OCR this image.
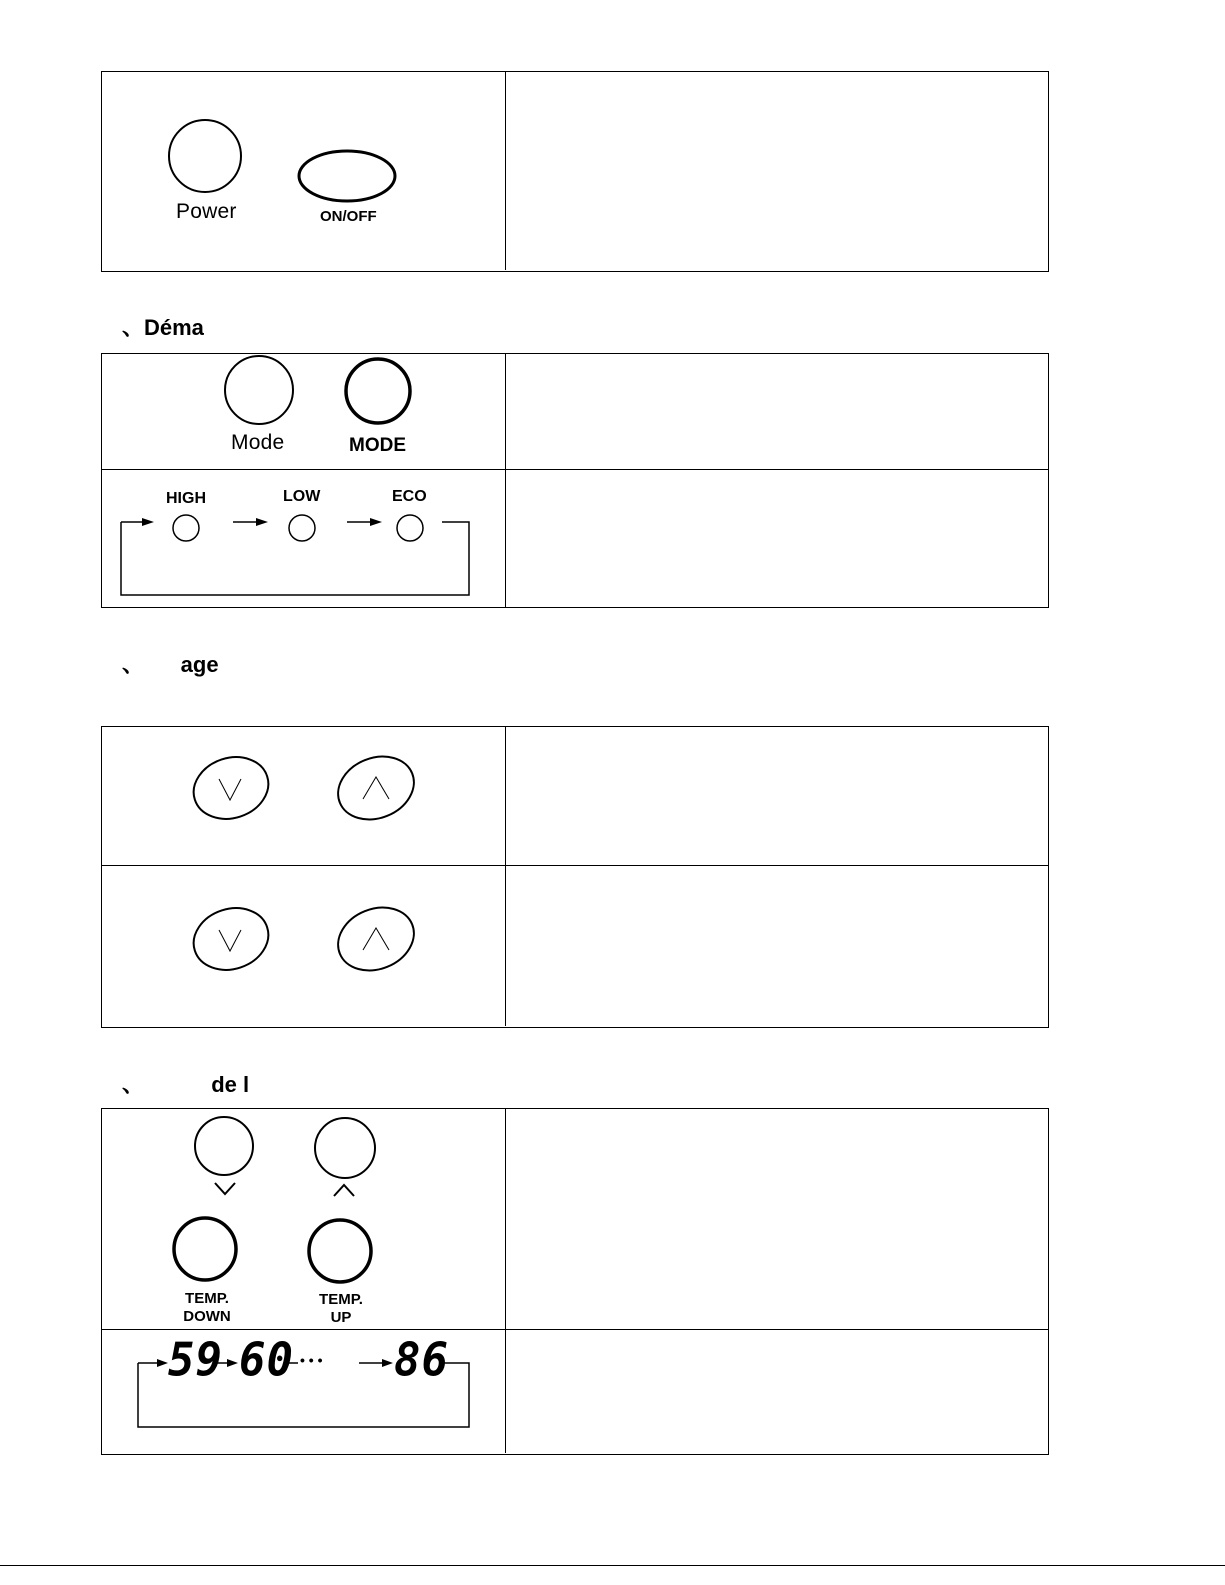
Power	ON/OFF
、Déma
Mode	MODE
HIGH	LOW	ECO
、      age
、           de l
TEMP.
DOWN
TEMP.
UP
59 60 • • • 86
